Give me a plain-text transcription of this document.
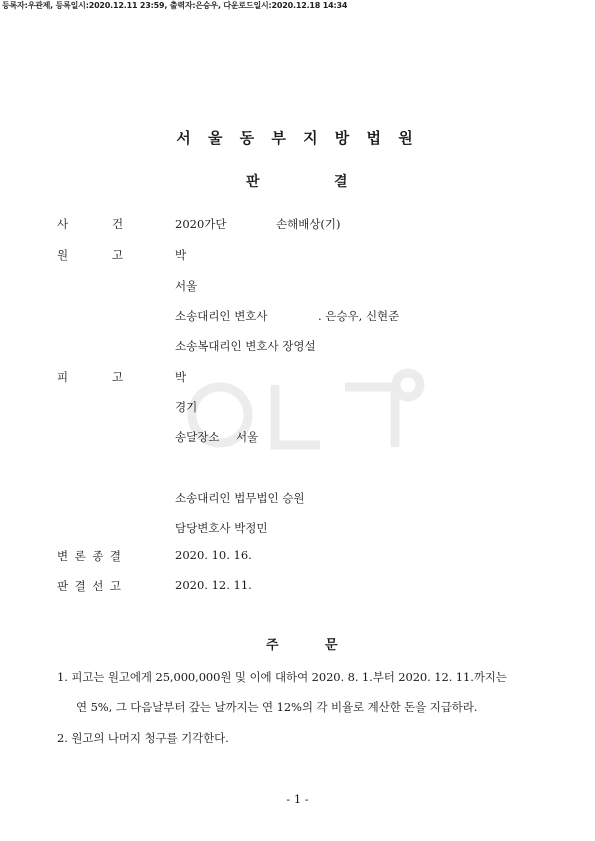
등록자:우관제, 등록일시:2020.12.11 23:59, 출력자:은승우, 다운로드일시:2020.12.18 14:34
서 울 동 부 지 방 법 원
판	결
사	건	2020가단	손해배상(기)
원	고	박
서울
소송대리인 변호사	. 은승우, 신현준
소송복대리인 변호사 장영설
피	고	박
경기
송달장소 서울
소송대리인 법무법인 승원
담당변호사 박정민
변 론 종 결	2020. 10. 16.
판 결 선 고	2020. 12. 11.
주	문
1. 피고는 원고에게 25,000,000원 및 이에 대하여 2020. 8. 1.부터 2020. 12. 11.까지는
연 5%, 그 다음날부터 갚는 날까지는 연 12%의 각 비율로 계산한 돈을 지급하라.
2. 원고의 나머지 청구를 기각한다.
- 1 -
